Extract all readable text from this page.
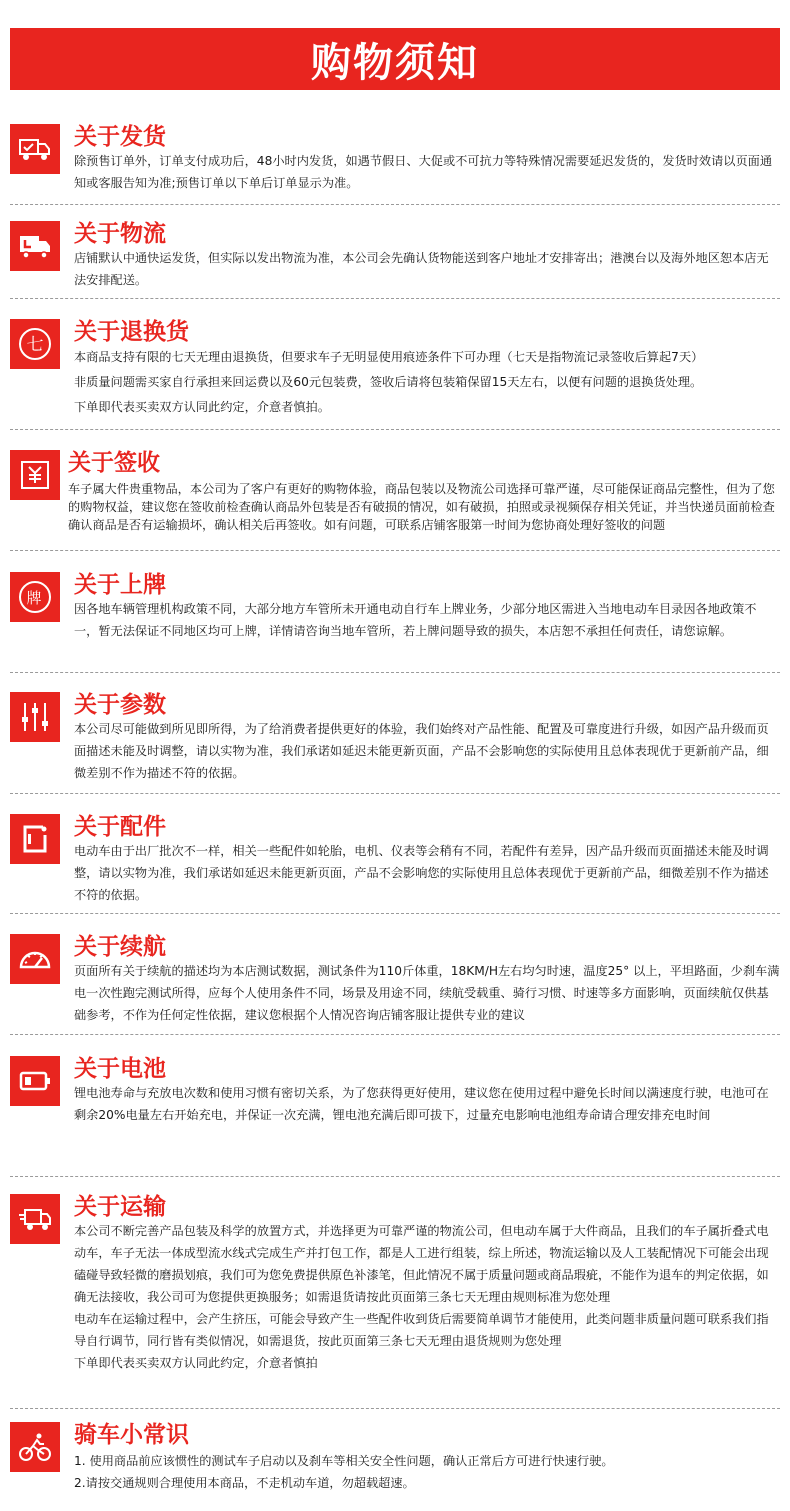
购物须知
关于发货

除预售订单外，订单支付成功后，48小时内发货，如遇节假日、大促或不可抗力等特殊情况需要延迟发货的，发货时效请以页面通知或客服告知为准;预售订单以下单后订单显示为准。

关于物流

店铺默认中通快运发货，但实际以发出物流为准，本公司会先确认货物能送到客户地址才安排寄出；港澳台以及海外地区恕本店无法安排配送。

七 关于退换货

本商品支持有限的七天无理由退换货，但要求车子无明显使用痕迹条件下可办理（七天是指物流记录签收后算起7天）

非质量问题需买家自行承担来回运费以及60元包装费，签收后请将包装箱保留15天左右，以便有问题的退换货处理。

下单即代表买卖双方认同此约定，介意者慎拍。

关于签收

车子属大件贵重物品，本公司为了客户有更好的购物体验，商品包装以及物流公司选择可靠严谨，尽可能保证商品完整性，但为了您的购物权益，建议您在签收前检查确认商品外包装是否有破损的情况，如有破损，拍照或录视频保存相关凭证，并当快递员面前检查确认商品是否有运输损坏，确认相关后再签收。如有问题，可联系店铺客服第一时间为您协商处理好签收的问题

牌 关于上牌

因各地车辆管理机构政策不同，大部分地方车管所未开通电动自行车上牌业务，少部分地区需进入当地电动车目录因各地政策不一，暂无法保证不同地区均可上牌，详情请咨询当地车管所，若上牌问题导致的损失，本店恕不承担任何责任，请您谅解。

关于参数

本公司尽可能做到所见即所得，为了给消费者提供更好的体验，我们始终对产品性能、配置及可靠度进行升级，如因产品升级而页面描述未能及时调整，请以实物为准，我们承诺如延迟未能更新页面，产品不会影响您的实际使用且总体表现优于更新前产品，细微差别不作为描述不符的依据。

关于配件

电动车由于出厂批次不一样，相关一些配件如轮胎，电机、仪表等会稍有不同，若配件有差异，因产品升级而页面描述未能及时调整，请以实物为准，我们承诺如延迟未能更新页面，产品不会影响您的实际使用且总体表现优于更新前产品，细微差别不作为描述不符的依据。

关于续航

页面所有关于续航的描述均为本店测试数据，测试条件为110斤体重，18KM/H左右均匀时速，温度25° 以上，平坦路面，少刹车满电一次性跑完测试所得，应每个人使用条件不同，场景及用途不同，续航受载重、骑行习惯、时速等多方面影响，页面续航仅供基础参考，不作为任何定性依据，建议您根据个人情况咨询店铺客服让提供专业的建议

关于电池

锂电池寿命与充放电次数和使用习惯有密切关系，为了您获得更好使用，建议您在使用过程中避免长时间以满速度行驶，电池可在剩余20%电量左右开始充电，并保证一次充满，锂电池充满后即可拔下，过量充电影响电池组寿命请合理安排充电时间

关于运输

本公司不断完善产品包装及科学的放置方式，并选择更为可靠严谨的物流公司，但电动车属于大件商品，且我们的车子属折叠式电动车，车子无法一体成型流水线式完成生产并打包工作，都是人工进行组装，综上所述，物流运输以及人工装配情况下可能会出现磕碰导致轻微的磨损划痕，我们可为您免费提供原色补漆笔，但此情况不属于质量问题或商品瑕疵，不能作为退车的判定依据，如确无法接收，我公司可为您提供更换服务；如需退货请按此页面第三条七天无理由规则标准为您处理

电动车在运输过程中，会产生挤压，可能会导致产生一些配件收到货后需要简单调节才能使用，此类问题非质量问题可联系我们指导自行调节，同行皆有类似情况，如需退货，按此页面第三条七天无理由退货规则为您处理

下单即代表买卖双方认同此约定，介意者慎拍

骑车小常识

1. 使用商品前应该惯性的测试车子启动以及刹车等相关安全性问题，确认正常后方可进行快速行驶。

2.请按交通规则合理使用本商品，不走机动车道，勿超载超速。
